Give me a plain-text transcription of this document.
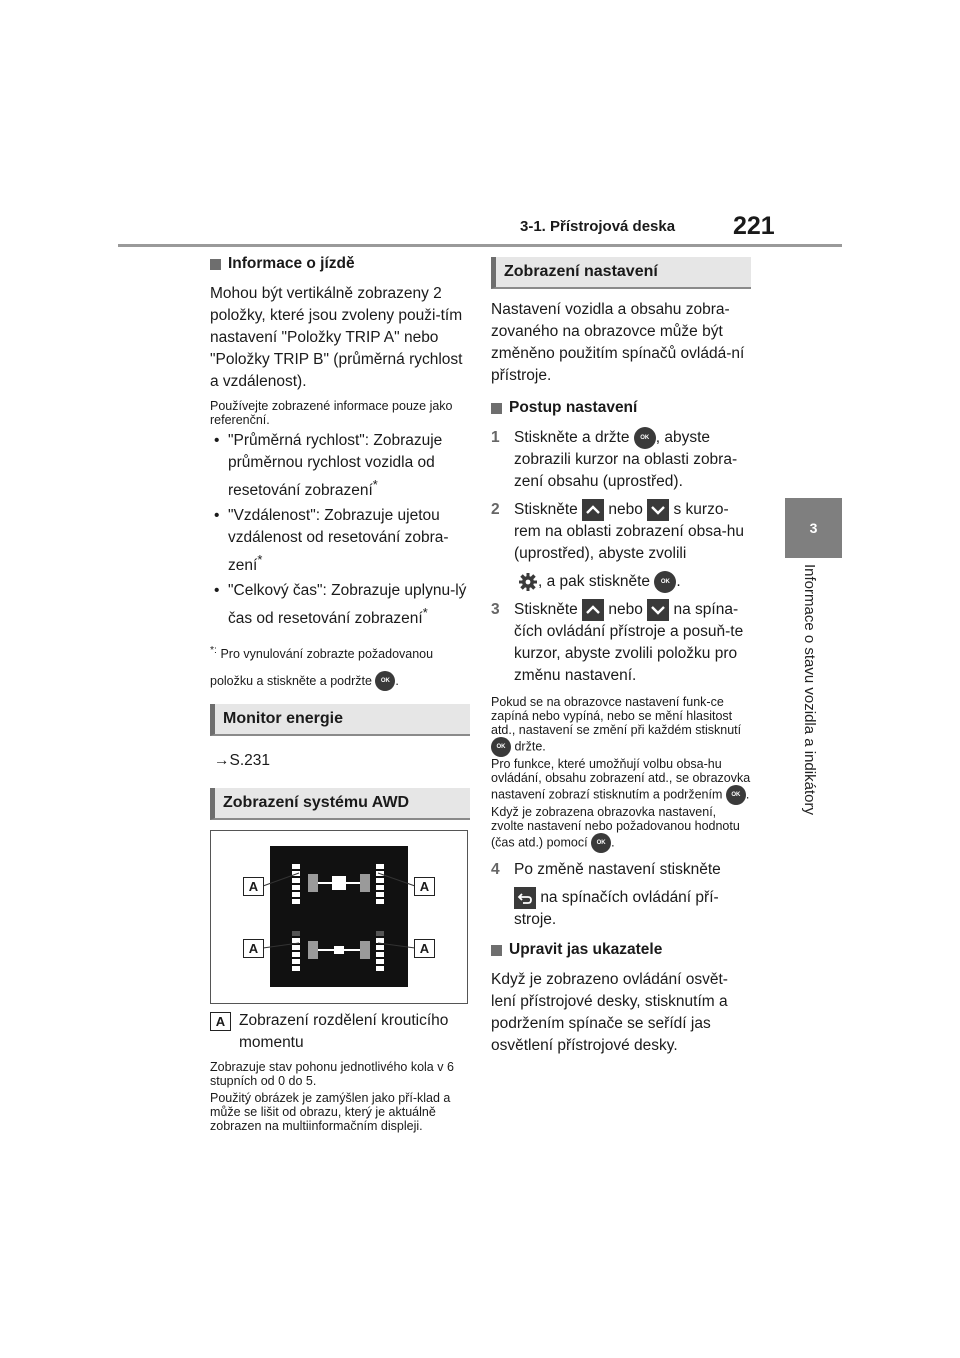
3-1. Přístrojová deska 221
3
Informace o stavu vozidla a indikátory
Informace o jízdě

Mohou být vertikálně zobrazeny 2 položky, které jsou zvoleny použi-tím nastavení "Položky TRIP A" nebo "Položky TRIP B" (průměrná rychlost a vzdálenost).

Používejte zobrazené informace pouze jako referenční.

• "Průměrná rychlost": Zobrazuje průměrnou rychlost vozidla od resetování zobrazení*
• "Vzdálenost": Zobrazuje ujetou vzdálenost od resetování zobra-zení*
• "Celkový čas": Zobrazuje uplynu-lý čas od resetování zobrazení*
*: Pro vynulování zobrazte požadovanou položku a stiskněte a podržte OK .
Monitor energie

→S.231

Zobrazení systému AWD
A	A
A	A
A Zobrazení rozdělení krouticího momentu

Zobrazuje stav pohonu jednotlivého kola v 6 stupních od 0 do 5.

Použitý obrázek je zamýšlen jako pří-klad a může se lišit od obrazu, který je aktuálně zobrazen na multiinformačním displeji.

Zobrazení nastavení

Nastavení vozidla a obsahu zobra-zovaného na obrazovce může být změněno použitím spínačů ovládá-ní přístroje.

Postup nastavení
1 Stiskněte a držte OK , abyste zobrazili kurzor na oblasti zobra-zení obsahu (uprostřed).
2 Stiskněte nebo s kurzo-rem na oblasti zobrazení obsa-hu (uprostřed), abyste zvolili
, a pak stiskněte OK .
3 Stiskněte nebo na spína-čích ovládání přístroje a posuň-te kurzor, abyste zvolili položku pro změnu nastavení.

Pokud se na obrazovce nastavení funk-ce zapíná nebo vypíná, nebo se mění hlasitost atd., nastavení se změní při každém stisknutí OK držte.
Pro funkce, které umožňují volbu obsa-hu ovládání, obsahu zobrazení atd., se obrazovka nastavení zobrazí stisknutím a podržením OK . Když je zobrazena obrazovka nastavení, zvolte nastavení nebo požadovanou hodnotu (čas atd.) pomocí OK .

4 Po změně nastavení stiskněte
na spínačích ovládání pří-stroje.
Upravit jas ukazatele

Když je zobrazeno ovládání osvět-lení přístrojové desky, stisknutím a podržením spínače se seřídí jas osvětlení přístrojové desky.
